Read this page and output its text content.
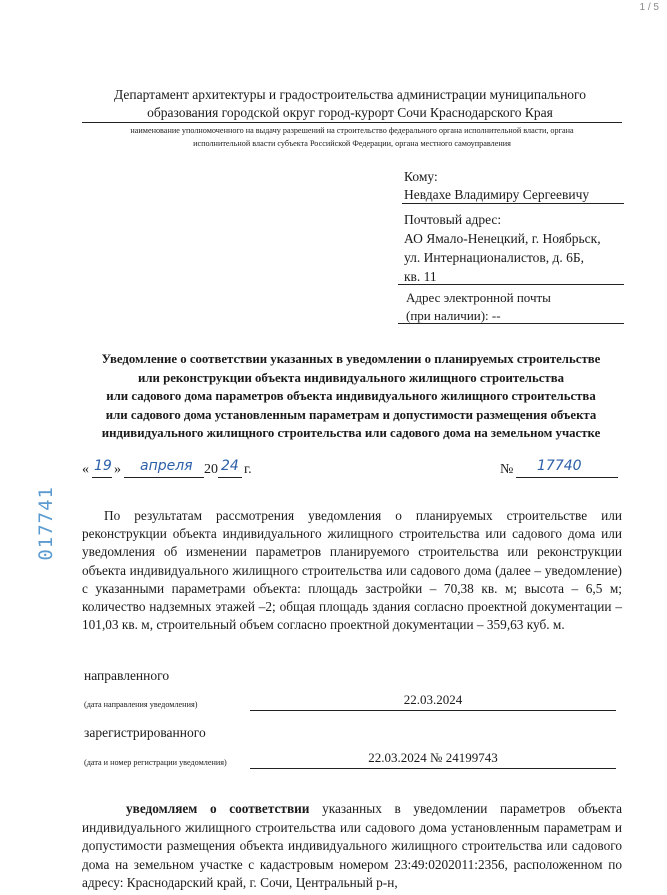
1 / 5
Департамент архитектуры и градостроительства администрации муниципального
образования городской округ город-курорт Сочи Краснодарского Края
наименование уполномоченного на выдачу разрешений на строительство федерального органа исполнительной власти, органа
исполнительной власти субъекта Российской Федерации, органа местного самоуправления
Кому:
Невдахе Владимиру Сергеевичу
Почтовый адрес:
АО Ямало-Ненецкий, г. Ноябрьск,
ул. Интернационалистов, д. 6Б,
кв. 11
Адрес электронной почты
(при наличии): --
Уведомление о соответствии указанных в уведомлении о планируемых строительстве
или реконструкции объекта индивидуального жилищного строительства
или садового дома параметров объекта индивидуального жилищного строительства
или садового дома установленным параметрам и допустимости размещения объекта
индивидуального жилищного строительства или садового дома на земельном участке
« 19 » апреля 20 24 г.	№ 17740
017741	По результатам рассмотрения уведомления о планируемых строительстве или реконструкции объекта индивидуального жилищного строительства или садового дома или уведомления об изменении параметров планируемого строительства или реконструкции объекта индивидуального жилищного строительства или садового дома (далее – уведомление) с указанными параметрами объекта: площадь застройки – 70,38 кв. м; высота – 6,5 м; количество надземных этажей –2; общая площадь здания согласно проектной документации – 101,03 кв. м, строительный объем согласно проектной документации – 359,63 куб. м.

направленного
(дата направления уведомления)	22.03.2024
зарегистрированного
(дата и номер регистрации уведомления)	22.03.2024 № 24199743

уведомляем о соответствии указанных в уведомлении параметров объекта индивидуального жилищного строительства или садового дома установленным параметрам и допустимости размещения объекта индивидуального жилищного строительства или садового дома на земельном участке с кадастровым номером 23:49:0202011:2356, расположенном по адресу: Краснодарский край, г. Сочи, Центральный р-н,
